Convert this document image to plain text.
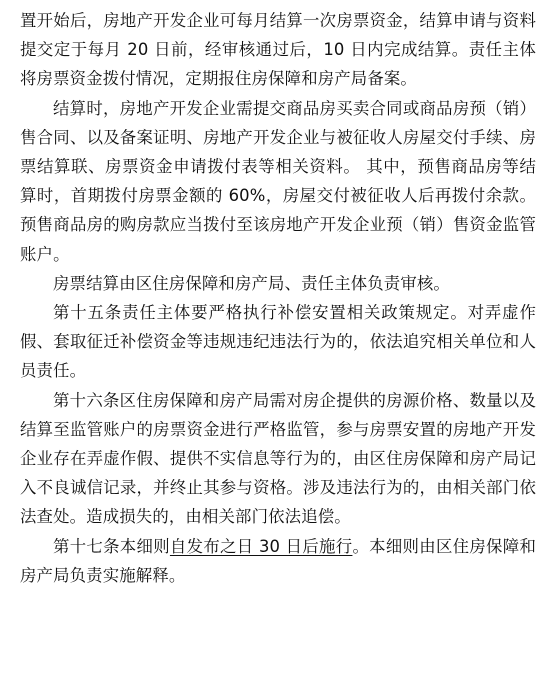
置开始后，房地产开发企业可每月结算一次房票资金，结算申请与资料提交定于每月 20 日前，经审核通过后，10 日内完成结算。责任主体将房票资金拨付情况，定期报住房保障和房产局备案。

结算时，房地产开发企业需提交商品房买卖合同或商品房预（销）售合同、以及备案证明、房地产开发企业与被征收人房屋交付手续、房票结算联、房票资金申请拨付表等相关资料。 其中，预售商品房等结算时，首期拨付房票金额的 60%，房屋交付被征收人后再拨付余款。预售商品房的购房款应当拨付至该房地产开发企业预（销）售资金监管账户。

房票结算由区住房保障和房产局、责任主体负责审核。

第十五条责任主体要严格执行补偿安置相关政策规定。对弄虚作假、套取征迁补偿资金等违规违纪违法行为的，依法追究相关单位和人员责任。

第十六条区住房保障和房产局需对房企提供的房源价格、数量以及结算至监管账户的房票资金进行严格监管，参与房票安置的房地产开发企业存在弄虚作假、提供不实信息等行为的，由区住房保障和房产局记入不良诚信记录，并终止其参与资格。涉及违法行为的，由相关部门依法查处。造成损失的，由相关部门依法追偿。

第十七条本细则自发布之日 30 日后施行。本细则由区住房保障和房产局负责实施解释。
